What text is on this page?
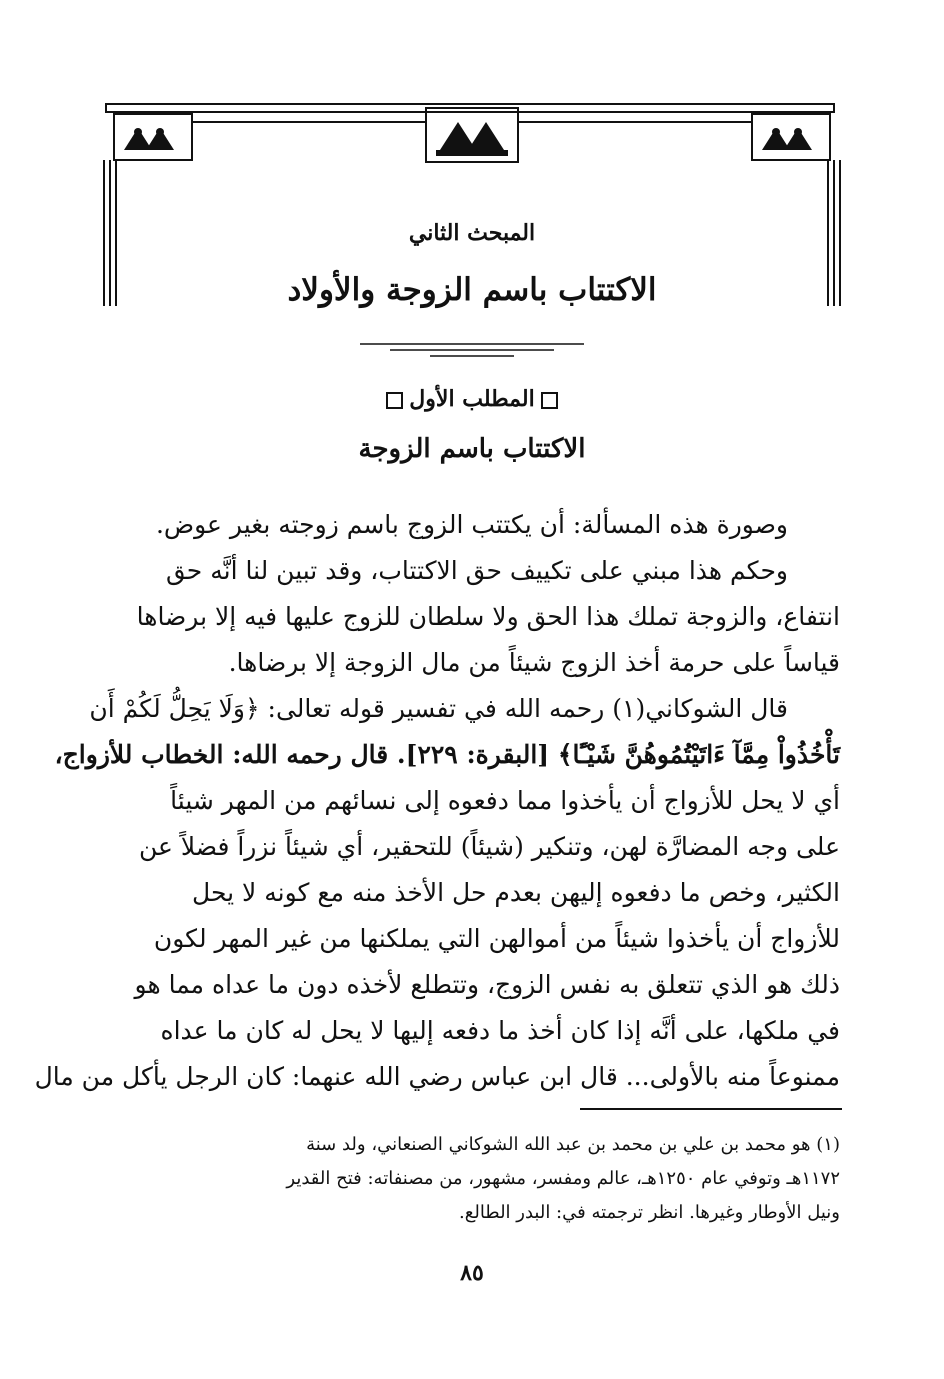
المبحث الثاني
الاكتتاب باسم الزوجة والأولاد
المطلب الأول
الاكتتاب باسم الزوجة
وصورة هذه المسألة: أن يكتتب الزوج باسم زوجته بغير عوض.
وحكم هذا مبني على تكييف حق الاكتتاب، وقد تبين لنا أنَّه حق
انتفاع، والزوجة تملك هذا الحق ولا سلطان للزوج عليها فيه إلا برضاها
قياساً على حرمة أخذ الزوج شيئاً من مال الزوجة إلا برضاها.
قال الشوكاني(١) رحمه الله في تفسير قوله تعالى: ﴿وَلَا يَحِلُّ لَكُمْ أَن
تَأْخُذُواْ مِمَّآ ءَاتَيْتُمُوهُنَّ شَيْـًٔا﴾ [البقرة: ٢٢٩]. قال رحمه الله: الخطاب للأزواج،
أي لا يحل للأزواج أن يأخذوا مما دفعوه إلى نسائهم من المهر شيئاً
على وجه المضارَّة لهن، وتنكير (شيئاً) للتحقير، أي شيئاً نزراً فضلاً عن
الكثير، وخص ما دفعوه إليهن بعدم حل الأخذ منه مع كونه لا يحل
للأزواج أن يأخذوا شيئاً من أموالهن التي يملكنها من غير المهر لكون
ذلك هو الذي تتعلق به نفس الزوج، وتتطلع لأخذه دون ما عداه مما هو
في ملكها، على أنَّه إذا كان أخذ ما دفعه إليها لا يحل له كان ما عداه
ممنوعاً منه بالأولى... قال ابن عباس رضي الله عنهما: كان الرجل يأكل من مال
(١) هو محمد بن علي بن محمد بن عبد الله الشوكاني الصنعاني، ولد سنة
١١٧٢هـ وتوفي عام ١٢٥٠هـ، عالم ومفسر، مشهور، من مصنفاته: فتح القدير
ونيل الأوطار وغيرها. انظر ترجمته في: البدر الطالع.
٨٥
